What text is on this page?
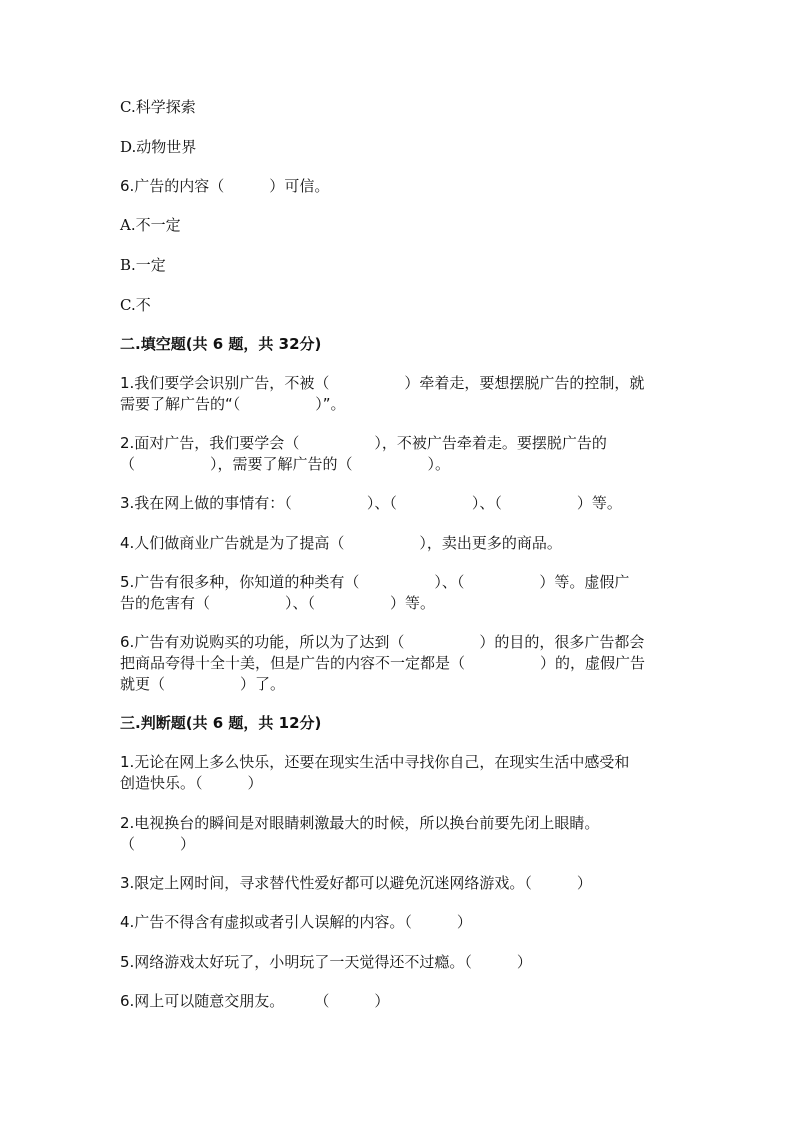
C.科学探索
D.动物世界
6.广告的内容（　　　）可信。
A.不一定
B.一定
C.不
二.填空题(共 6 题，共 32分)
1.我们要学会识别广告，不被（　　　　　）牵着走，要想摆脱广告的控制，就
需要了解广告的“（　　　　　）”。
2.面对广告，我们要学会（　　　　　），不被广告牵着走。要摆脱广告的
（　　　　　），需要了解广告的（　　　　　）。
3.我在网上做的事情有：（　　　　　）、（　　　　　）、（　　　　　）等。
4.人们做商业广告就是为了提高（　　　　　），卖出更多的商品。
5.广告有很多种，你知道的种类有（　　　　　）、（　　　　　）等。虚假广
告的危害有（　　　　　）、（　　　　　）等。
6.广告有劝说购买的功能，所以为了达到（　　　　　）的目的，很多广告都会
把商品夸得十全十美，但是广告的内容不一定都是（　　　　　）的，虚假广告
就更（　　　　　）了。
三.判断题(共 6 题，共 12分)
1.无论在网上多么快乐，还要在现实生活中寻找你自己，在现实生活中感受和
创造快乐。（　　　）
2.电视换台的瞬间是对眼睛刺激最大的时候，所以换台前要先闭上眼睛。
（　　　）
3.限定上网时间，寻求替代性爱好都可以避免沉迷网络游戏。（　　　）
4.广告不得含有虚拟或者引人误解的内容。（　　　）
5.网络游戏太好玩了，小明玩了一天觉得还不过瘾。（　　　）
6.网上可以随意交朋友。　　　（　　　）
